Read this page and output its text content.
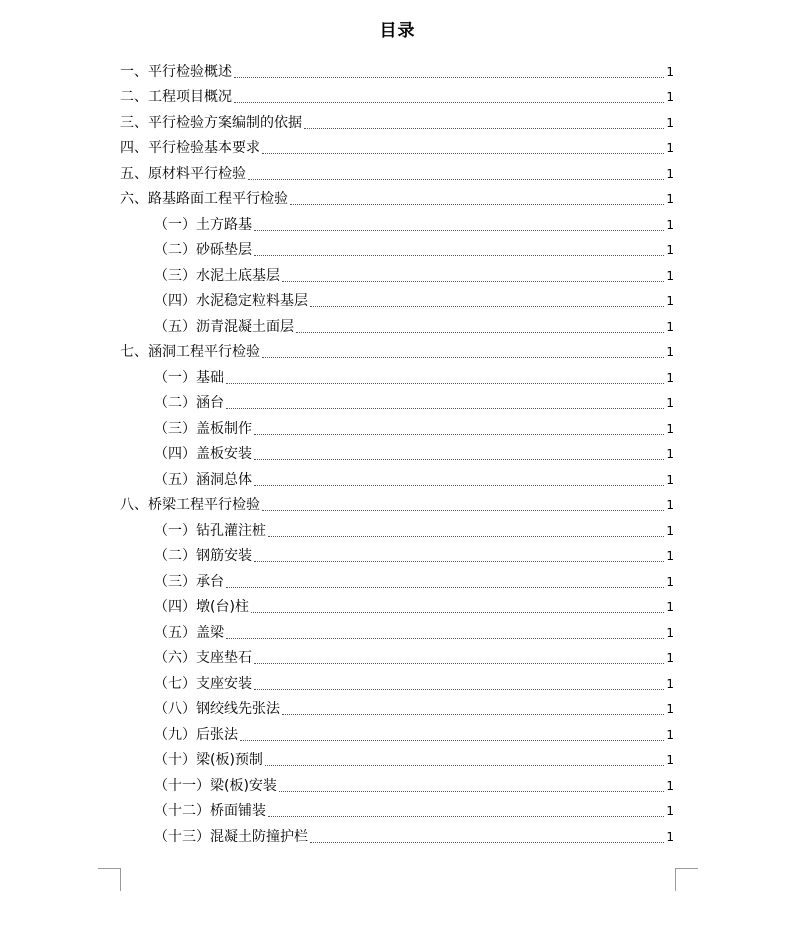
目录
一、平行检验概述	1
二、工程项目概况	1
三、平行检验方案编制的依据	1
四、平行检验基本要求	1
五、原材料平行检验	1
六、路基路面工程平行检验	1
（一）土方路基	1
（二）砂砾垫层	1
（三）水泥土底基层	1
（四）水泥稳定粒料基层	1
（五）沥青混凝土面层	1
七、涵洞工程平行检验	1
（一）基础	1
（二）涵台	1
（三）盖板制作	1
（四）盖板安装	1
（五）涵洞总体	1
八、桥梁工程平行检验	1
（一）钻孔灌注桩	1
（二）钢筋安装	1
（三）承台	1
（四）墩(台)柱	1
（五）盖梁	1
（六）支座垫石	1
（七）支座安装	1
（八）钢绞线先张法	1
（九）后张法	1
（十）梁(板)预制	1
（十一）梁(板)安装	1
（十二）桥面铺装	1
（十三）混凝土防撞护栏	1
